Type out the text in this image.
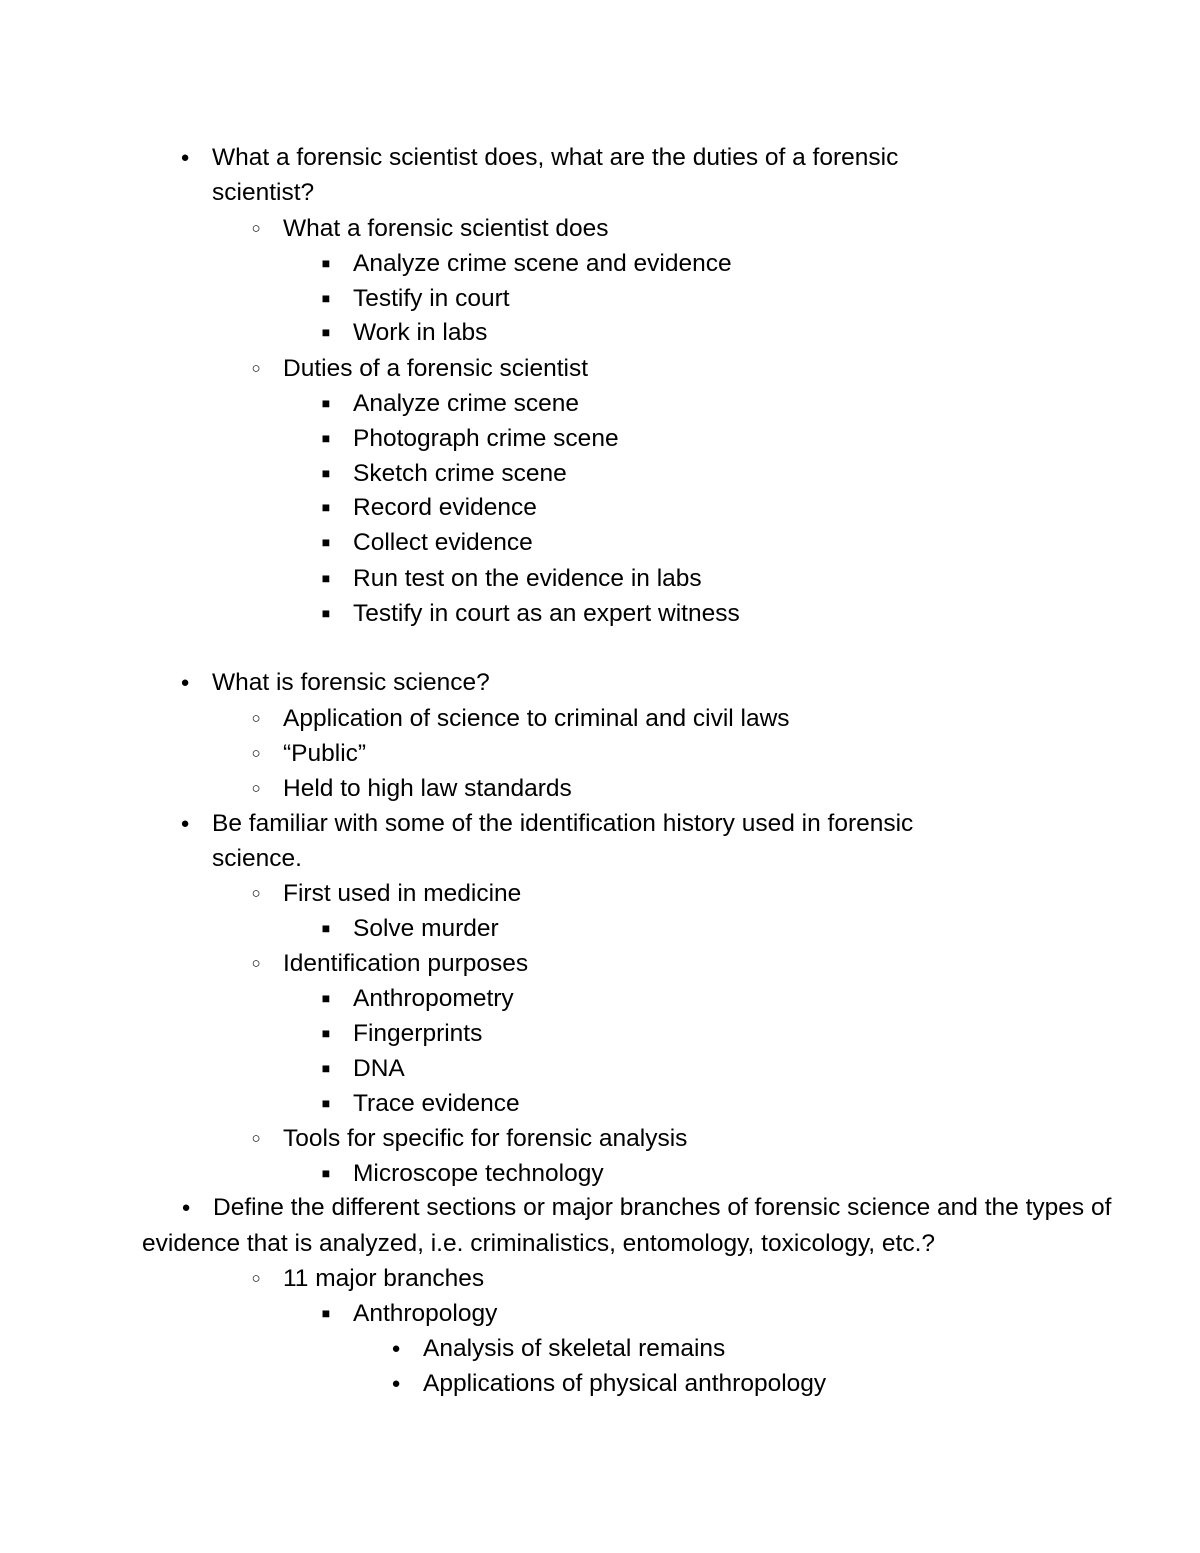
● What a forensic scientist does, what are the duties of a forensic
scientist?
○ What a forensic scientist does
■ Analyze crime scene and evidence
■ Testify in court
■ Work in labs
○ Duties of a forensic scientist
■ Analyze crime scene
■ Photograph crime scene
■ Sketch crime scene
■ Record evidence
■ Collect evidence
■ Run test on the evidence in labs
■ Testify in court as an expert witness
● What is forensic science?
○ Application of science to criminal and civil laws
○ “Public”
○ Held to high law standards
● Be familiar with some of the identification history used in forensic
science.
○ First used in medicine
■ Solve murder
○ Identification purposes
■ Anthropometry
■ Fingerprints
■ DNA
■ Trace evidence
○ Tools for specific for forensic analysis
■ Microscope technology
● Define the different sections or major branches of forensic science and the types of
evidence that is analyzed, i.e. criminalistics, entomology, toxicology, etc.?
○ 11 major branches
■ Anthropology
● Analysis of skeletal remains
● Applications of physical anthropology
